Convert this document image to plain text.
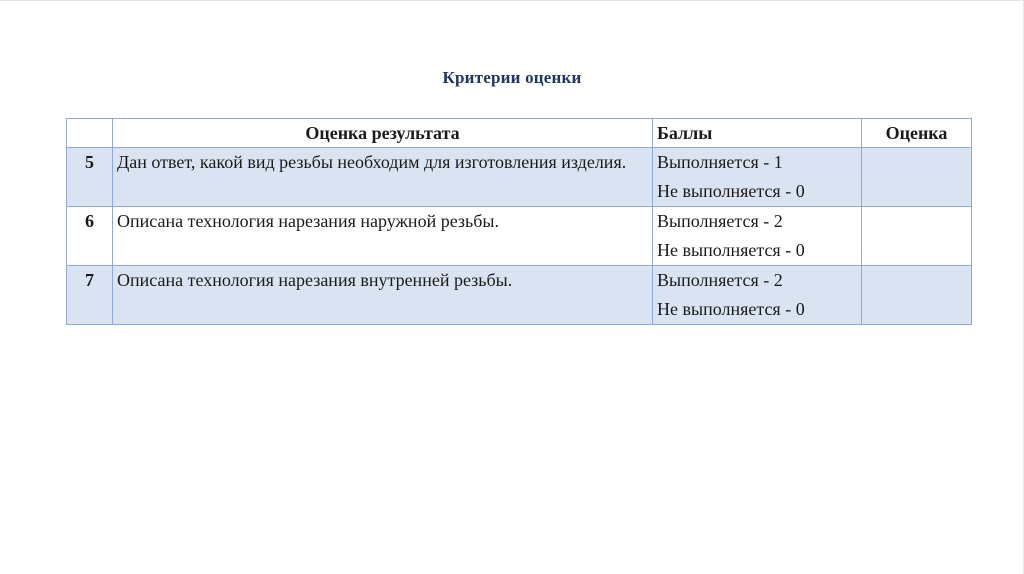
Критерии оценки
	Оценка результата	Баллы	Оценка
5	Дан ответ, какой вид резьбы необходим для изготовления изделия.	Выполняется - 1
Не выполняется - 0	

6	Описана технология нарезания наружной резьбы.	Выполняется - 2
Не выполняется - 0	

7	Описана технология нарезания внутренней резьбы.	Выполняется - 2
Не выполняется - 0	
